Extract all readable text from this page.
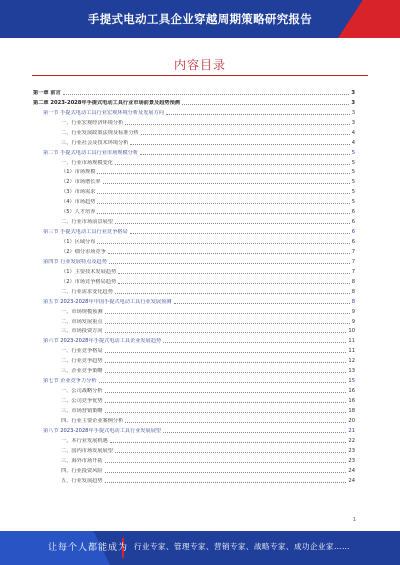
手提式电动工具企业穿越周期策略研究报告
内容目录
第一章 前言	3
第二章 2023-2028年手提式电动工具行业市场前景及趋势预测	3
第一节 手提式电动工具行业宏观环境分析及发展方向	3
一、行业宏观经济环境分析	3
二、行业发展政策法规及标准分析	4
三、行业社会及技术环境分析	4
第二节 手提式电动工具行业市场规模分析	5
一、行业市场规模变化	5
（1）市场规模	5
（2）市场增长率	5
（3）市场需求	5
（4）市场趋势	5
（5）人才培养	6
二、行业市场前景展望	6
第三节 手提式电动工具行业竞争格局	6
（1）区域分布	6
（2）细分市场竞争	7
第四节 行业发展特点及趋势	7
（1）主要技术发展趋势	7
（2）市场竞争格局趋势	8
二、行业需求变化趋势	8
第五节 2023-2028年中国手提式电动工具行业发展预测	8
一、市场规模预测	9
二、市场发展重点	9
三、市场投资方向	10
第六节 2023-2028年手提式电动工具企业发展趋势	11
一、行业竞争格局	11
二、行业竞争趋势	12
三、企业竞争策略	13
第七节 企业竞争力分析	15
一、公司战略分析	16
二、公司竞争优势	16
三、市场营销策略	18
四、行业主要企业案例分析	20
第八节 2023-2028年手提式电动工具行业发展展望	21
一、本行业发展机遇	22
二、国内市场发展展望	23
三、海外市场开拓	23
四、行业投资风险	24
五、行业发展趋势	24
1
让每个人都能成为 行业专家、管理专家、营销专家、战略专家、成功企业家……
